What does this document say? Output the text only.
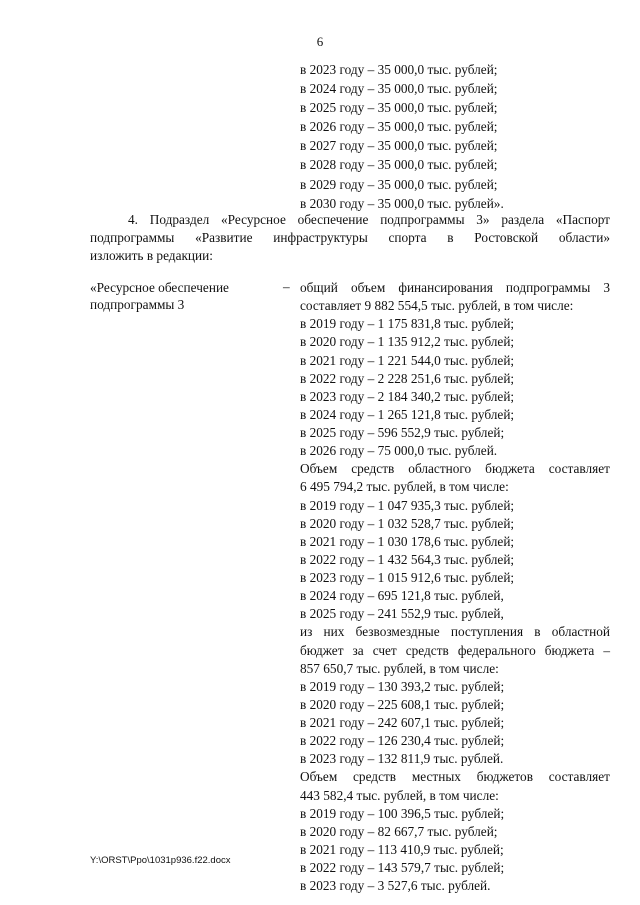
6
в 2023 году – 35 000,0 тыс. рублей;
в 2024 году – 35 000,0 тыс. рублей;
в 2025 году – 35 000,0 тыс. рублей;
в 2026 году – 35 000,0 тыс. рублей;
в 2027 году – 35 000,0 тыс. рублей;
в 2028 году – 35 000,0 тыс. рублей;
в 2029 году – 35 000,0 тыс. рублей;
в 2030 году – 35 000,0 тыс. рублей».
4. Подраздел «Ресурсное обеспечение подпрограммы 3» раздела «Паспорт
подпрограммы «Развитие инфраструктуры спорта в Ростовской области»
изложить в редакции:
«Ресурсное обеспечение
подпрограммы 3
– общий объем финансирования подпрограммы 3
составляет 9 882 554,5 тыс. рублей, в том числе:
в 2019 году – 1 175 831,8 тыс. рублей;
в 2020 году – 1 135 912,2 тыс. рублей;
в 2021 году – 1 221 544,0 тыс. рублей;
в 2022 году – 2 228 251,6 тыс. рублей;
в 2023 году – 2 184 340,2 тыс. рублей;
в 2024 году – 1 265 121,8 тыс. рублей;
в 2025 году – 596 552,9 тыс. рублей;
в 2026 году – 75 000,0 тыс. рублей.
Объем средств областного бюджета составляет
6 495 794,2 тыс. рублей, в том числе:
в 2019 году – 1 047 935,3 тыс. рублей;
в 2020 году – 1 032 528,7 тыс. рублей;
в 2021 году – 1 030 178,6 тыс. рублей;
в 2022 году – 1 432 564,3 тыс. рублей;
в 2023 году – 1 015 912,6 тыс. рублей;
в 2024 году – 695 121,8 тыс. рублей,
в 2025 году – 241 552,9 тыс. рублей,
из них безвозмездные поступления в областной
бюджет за счет средств федерального бюджета –
857 650,7 тыс. рублей, в том числе:
в 2019 году – 130 393,2 тыс. рублей;
в 2020 году – 225 608,1 тыс. рублей;
в 2021 году – 242 607,1 тыс. рублей;
в 2022 году – 126 230,4 тыс. рублей;
в 2023 году – 132 811,9 тыс. рублей.
Объем средств местных бюджетов составляет
443 582,4 тыс. рублей, в том числе:
в 2019 году – 100 396,5 тыс. рублей;
в 2020 году – 82 667,7 тыс. рублей;
в 2021 году – 113 410,9 тыс. рублей;
в 2022 году – 143 579,7 тыс. рублей;
в 2023 году – 3 527,6 тыс. рублей.
Y:\ORST\Ppo\1031p936.f22.docx
